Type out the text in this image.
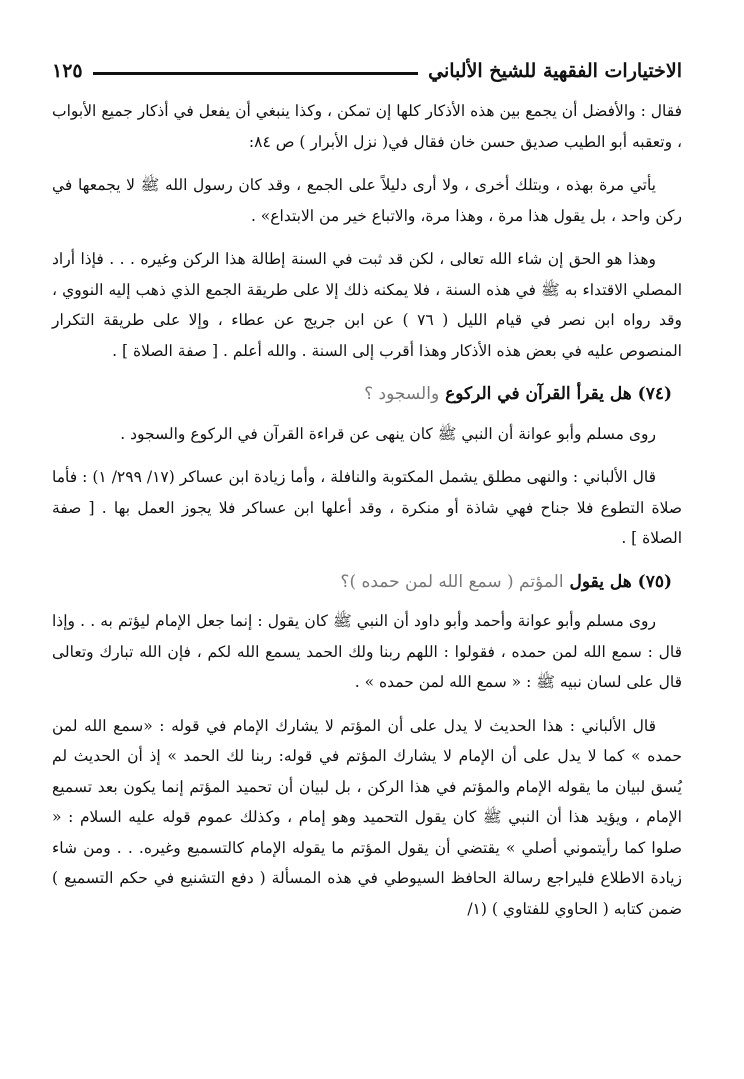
الاختيارات الفقهية للشيخ الألباني
١٢٥

فقال : والأفضل أن يجمع بين هذه الأذكار كلها إن تمكن ، وكذا ينبغي أن يفعل في أذكار جميع الأبواب ، وتعقبه أبو الطيب صديق حسن خان فقال في( نزل الأبرار ) ص ٨٤:

يأتي مرة بهذه ، وبتلك أخرى ، ولا أرى دليلاً على الجمع ، وقد كان رسول الله ﷺ لا يجمعها في ركن واحد ، بل يقول هذا مرة ، وهذا مرة، والاتباع خير من الابتداع» .

وهذا هو الحق إن شاء الله تعالى ، لكن قد ثبت في السنة إطالة هذا الركن وغيره . . . فإذا أراد المصلي الاقتداء به ﷺ في هذه السنة ، فلا يمكنه ذلك إلا على طريقة الجمع الذي ذهب إليه النووي ، وقد رواه ابن نصر في قيام الليل ( ٧٦ ) عن ابن جريج عن عطاء ، وإلا على طريقة التكرار المنصوص عليه في بعض هذه الأذكار وهذا أقرب إلى السنة . والله أعلم . [ صفة الصلاة ] .

(٧٤) هل يقرأ القرآن في الركوع والسجود ؟

روى مسلم وأبو عوانة أن النبي ﷺ كان ينهى عن قراءة القرآن في الركوع والسجود .

قال الألباني : والنهى مطلق يشمل المكتوبة والنافلة ، وأما زيادة ابن عساكر (١٧/ ٢٩٩/ ١) : فأما صلاة التطوع فلا جناح فهي شاذة أو منكرة ، وقد أعلها ابن عساكر فلا يجوز العمل بها . [ صفة الصلاة ] .

(٧٥) هل يقول المؤتم ( سمع الله لمن حمده )؟

روى مسلم وأبو عوانة وأحمد وأبو داود أن النبي ﷺ كان يقول : إنما جعل الإمام ليؤتم به . . وإذا قال : سمع الله لمن حمده ، فقولوا : اللهم ربنا ولك الحمد يسمع الله لكم ، فإن الله تبارك وتعالى قال على لسان نبيه ﷺ : « سمع الله لمن حمده » .

قال الألباني : هذا الحديث لا يدل على أن المؤتم لا يشارك الإمام في قوله : «سمع الله لمن حمده » كما لا يدل على أن الإمام لا يشارك المؤتم في قوله: ربنا لك الحمد » إذ أن الحديث لم يُسق لبيان ما يقوله الإمام والمؤتم في هذا الركن ، بل لبيان أن تحميد المؤتم إنما يكون بعد تسميع الإمام ، ويؤيد هذا أن النبي ﷺ كان يقول التحميد وهو إمام ، وكذلك عموم قوله عليه السلام : « صلوا كما رأيتموني أصلي » يقتضي أن يقول المؤتم ما يقوله الإمام كالتسميع وغيره. . . ومن شاء زيادة الاطلاع فليراجع رسالة الحافظ السيوطي في هذه المسألة ( دفع التشنيع في حكم التسميع ) ضمن كتابه ( الحاوي للفتاوي ) (١/
